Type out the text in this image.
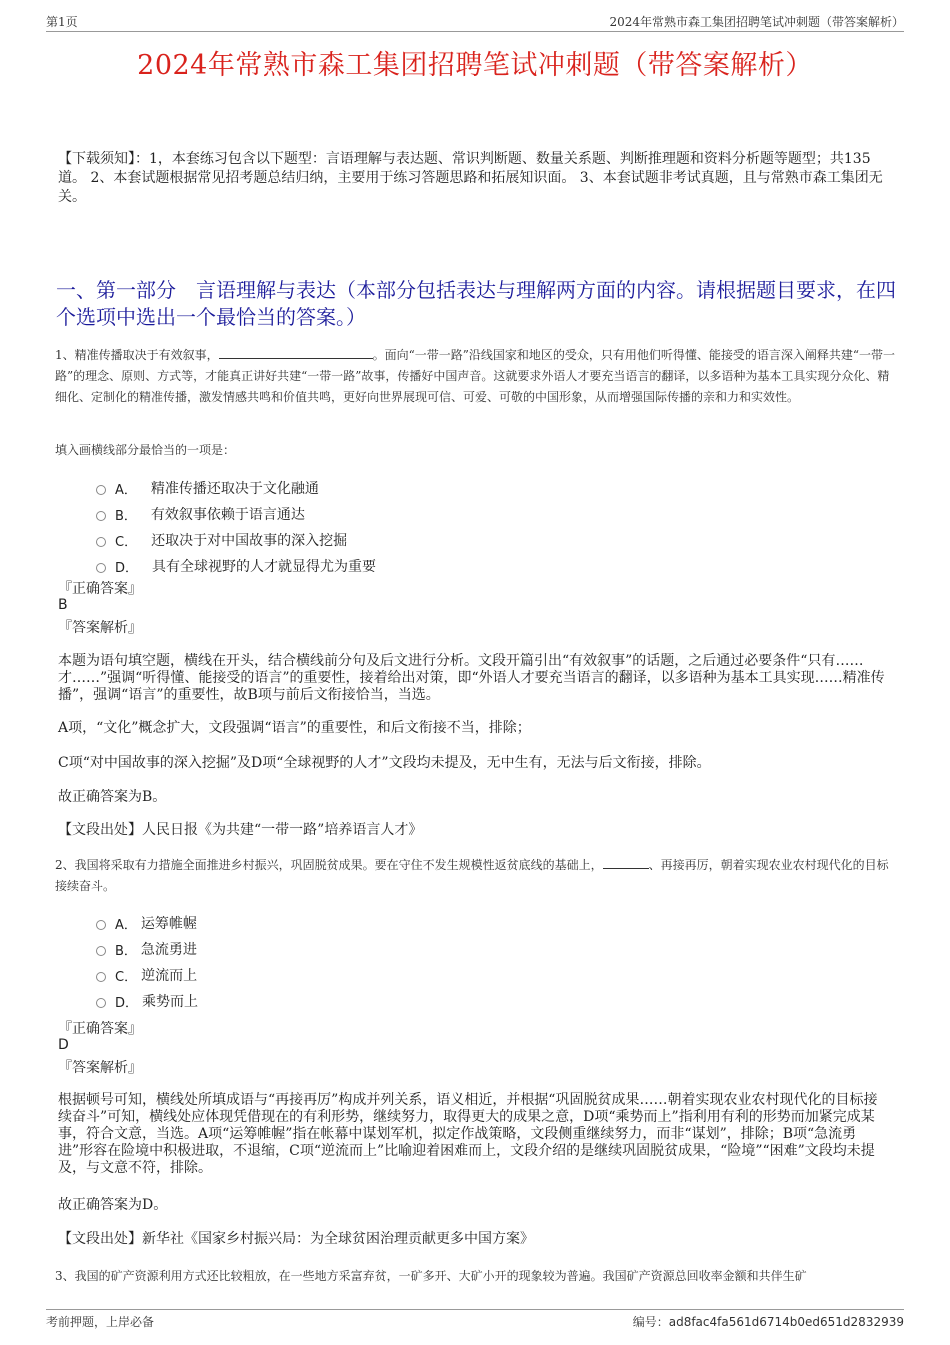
第1页	2024年常熟市森工集团招聘笔试冲刺题（带答案解析）
2024年常熟市森工集团招聘笔试冲刺题（带答案解析）
【下载须知】：1，本套练习包含以下题型：言语理解与表达题、常识判断题、数量关系题、判断推理题和资料分析题等题型；共135道。 2、本套试题根据常见招考题总结归纳，主要用于练习答题思路和拓展知识面。 3、本套试题非考试真题，且与常熟市森工集团无关。
一、第一部分　言语理解与表达（本部分包括表达与理解两方面的内容。请根据题目要求，在四个选项中选出一个最恰当的答案。）
1、精准传播取决于有效叙事，	。面向“一带一路”沿线国家和地区的受众，只有用他们听得懂、能接受的语言深入阐释共建“一带一路”的理念、原则、方式等，才能真正讲好共建“一带一路”故事，传播好中国声音。这就要求外语人才要充当语言的翻译，以多语种为基本工具实现分众化、精细化、定制化的精准传播，激发情感共鸣和价值共鸣，更好向世界展现可信、可爱、可敬的中国形象，从而增强国际传播的亲和力和实效性。
填入画横线部分最恰当的一项是：
A． 精准传播还取决于文化融通
B． 有效叙事依赖于语言通达
C． 还取决于对中国故事的深入挖掘
D． 具有全球视野的人才就显得尤为重要
『正确答案』
B
『答案解析』
本题为语句填空题，横线在开头，结合横线前分句及后文进行分析。文段开篇引出“有效叙事”的话题，之后通过必要条件“只有……才……”强调“听得懂、能接受的语言”的重要性，接着给出对策，即“外语人才要充当语言的翻译，以多语种为基本工具实现……精准传播”，强调“语言”的重要性，故B项与前后文衔接恰当，当选。
A项，“文化”概念扩大，文段强调“语言”的重要性，和后文衔接不当，排除；
C项“对中国故事的深入挖掘”及D项“全球视野的人才”文段均未提及，无中生有，无法与后文衔接，排除。
故正确答案为B。
【文段出处】人民日报《为共建“一带一路”培养语言人才》
2、我国将采取有力措施全面推进乡村振兴，巩固脱贫成果。要在守住不发生规模性返贫底线的基础上，	、再接再厉，朝着实现农业农村现代化的目标接续奋斗。
A． 运筹帷幄
B． 急流勇进
C． 逆流而上
D． 乘势而上
『正确答案』
D
『答案解析』
根据顿号可知，横线处所填成语与“再接再厉”构成并列关系，语义相近，并根据“巩固脱贫成果……朝着实现农业农村现代化的目标接续奋斗”可知，横线处应体现凭借现在的有利形势，继续努力，取得更大的成果之意，D项“乘势而上”指利用有利的形势而加紧完成某事，符合文意，当选。A项“运筹帷幄”指在帐幕中谋划军机，拟定作战策略，文段侧重继续努力，而非“谋划”，排除；B项“急流勇进”形容在险境中积极进取，不退缩，C项“逆流而上”比喻迎着困难而上，文段介绍的是继续巩固脱贫成果，“险境”“困难”文段均未提及，与文意不符，排除。
故正确答案为D。
【文段出处】新华社《国家乡村振兴局：为全球贫困治理贡献更多中国方案》
3、我国的矿产资源利用方式还比较粗放，在一些地方采富弃贫，一矿多开、大矿小开的现象较为普遍。我国矿产资源总回收率金额和共伴生矿
考前押题，上岸必备	编号：ad8fac4fa561d6714b0ed651d2832939
